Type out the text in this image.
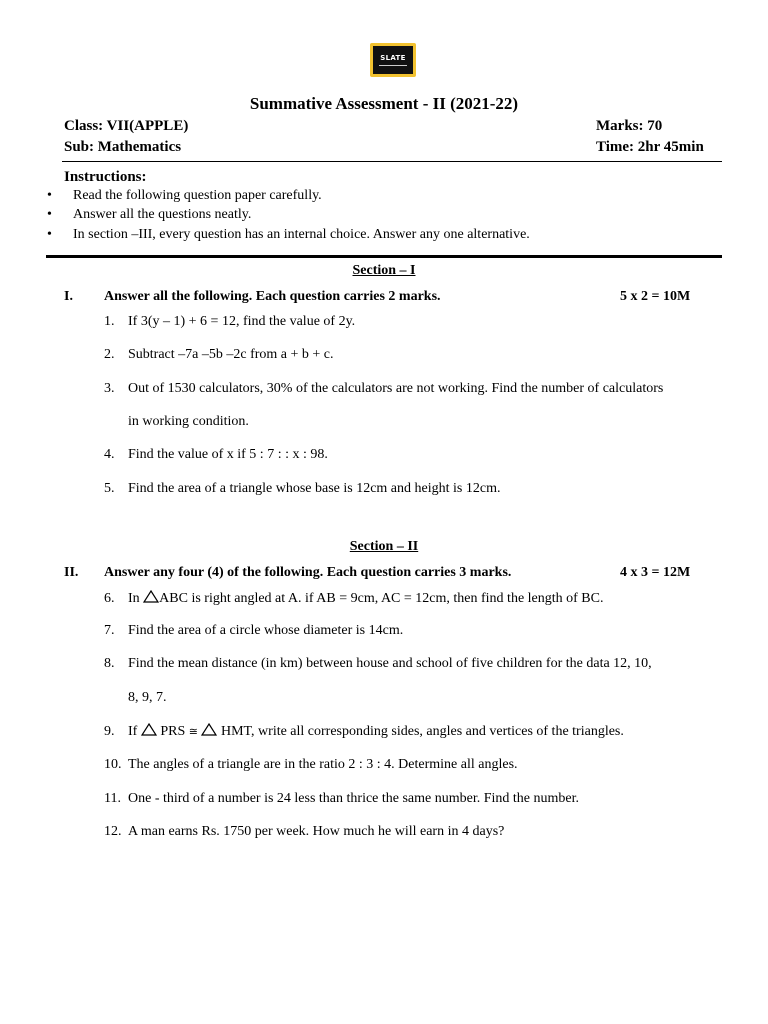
SLATE
Summative Assessment - II (2021-22)
Class: VII(APPLE)	Marks: 70
Sub: Mathematics	Time: 2hr 45min
Instructions:
• Read the following question paper carefully.
• Answer all the questions neatly.
• In section –III, every question has an internal choice. Answer any one alternative.
Section – I
I. Answer all the following. Each question carries 2 marks.	5 x 2 = 10M
1. If 3(y – 1) + 6 = 12, find the value of 2y.
2. Subtract –7a –5b –2c from a + b + c.
3. Out of 1530 calculators, 30% of the calculators are not working. Find the number of calculators
in working condition.
4. Find the value of x if 5 : 7 : : x : 98.
5. Find the area of a triangle whose base is 12cm and height is 12cm.
Section – II
II. Answer any four (4) of the following. Each question carries 3 marks.	4 x 3 = 12M
6. In
ABC is right angled at A. if AB = 9cm, AC = 12cm, then find the length of BC.
7. Find the area of a circle whose diameter is 14cm.
8. Find the mean distance (in km) between house and school of five children for the data 12, 10,
8, 9, 7.
9. If
PRS ≅ HMT, write all corresponding sides, angles and vertices of the triangles.
10. The angles of a triangle are in the ratio 2 : 3 : 4. Determine all angles.
11. One - third of a number is 24 less than thrice the same number. Find the number.
12. A man earns Rs. 1750 per week. How much he will earn in 4 days?
